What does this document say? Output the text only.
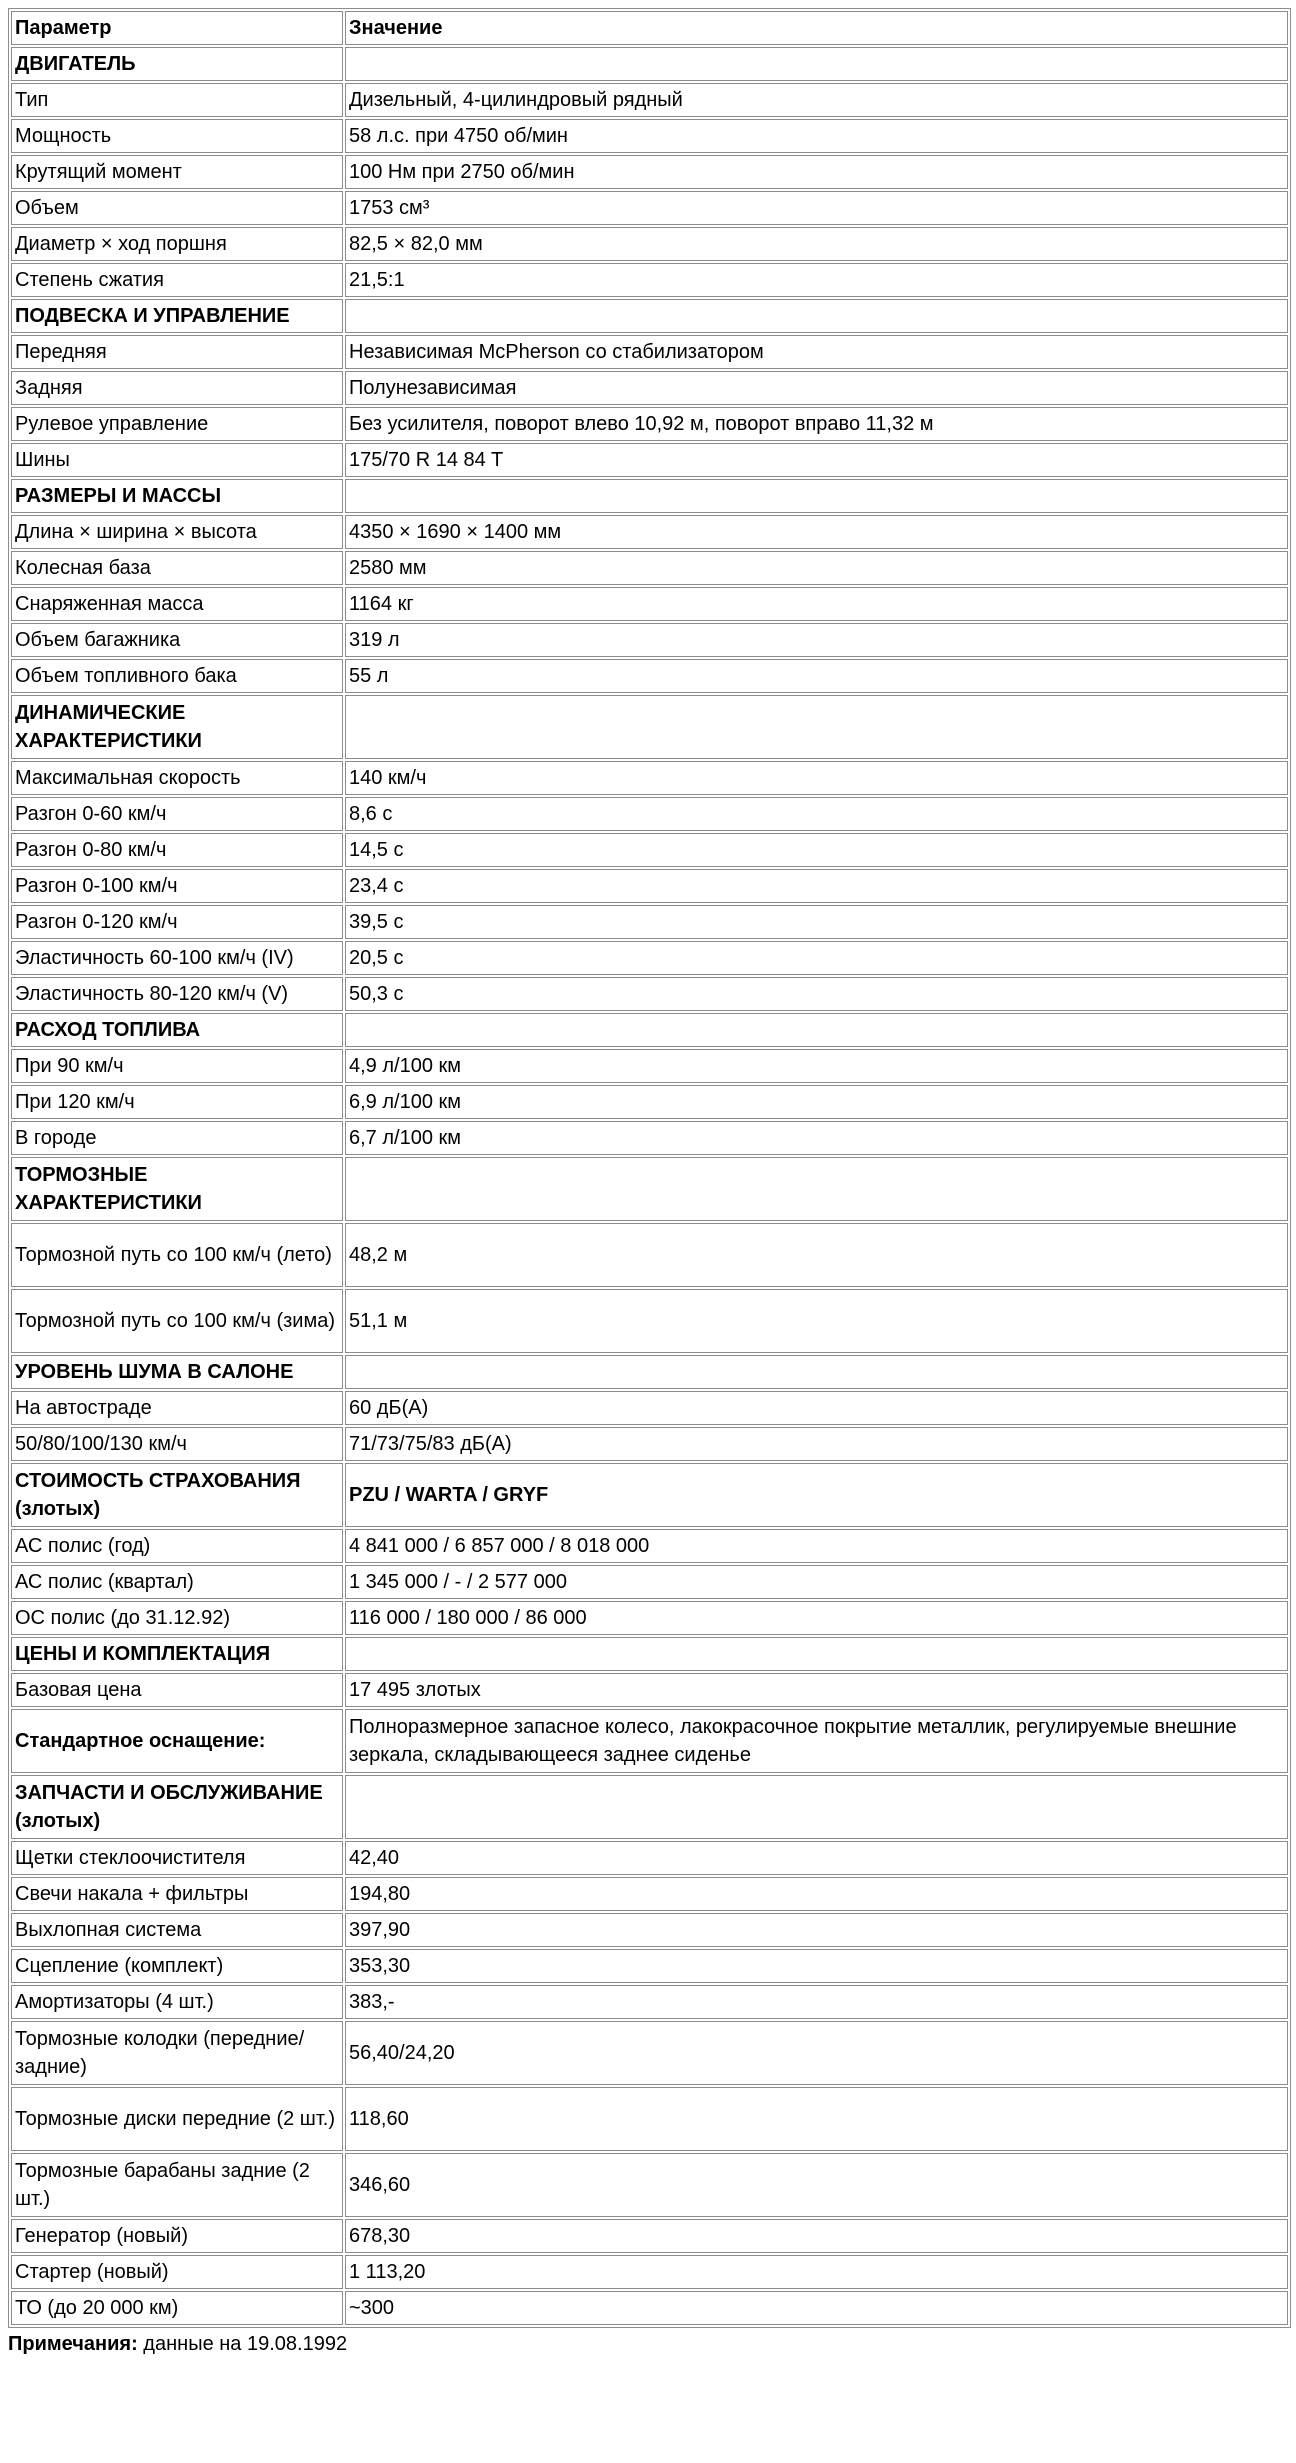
Параметр	Значение
ДВИГАТЕЛЬ	
Тип	Дизельный, 4-цилиндровый рядный
Мощность	58 л.с. при 4750 об/мин
Крутящий момент	100 Нм при 2750 об/мин
Объем	1753 см³
Диаметр × ход поршня	82,5 × 82,0 мм
Степень сжатия	21,5:1
ПОДВЕСКА И УПРАВЛЕНИЕ	
Передняя	Независимая McPherson со стабилизатором
Задняя	Полунезависимая
Рулевое управление	Без усилителя, поворот влево 10,92 м, поворот вправо 11,32 м
Шины	175/70 R 14 84 T
РАЗМЕРЫ И МАССЫ	
Длина × ширина × высота	4350 × 1690 × 1400 мм
Колесная база	2580 мм
Снаряженная масса	1164 кг
Объем багажника	319 л
Объем топливного бака	55 л
ДИНАМИЧЕСКИЕ ХАРАКТЕРИСТИКИ	
Максимальная скорость	140 км/ч
Разгон 0-60 км/ч	8,6 с
Разгон 0-80 км/ч	14,5 с
Разгон 0-100 км/ч	23,4 с
Разгон 0-120 км/ч	39,5 с
Эластичность 60-100 км/ч (IV)	20,5 с
Эластичность 80-120 км/ч (V)	50,3 с
РАСХОД ТОПЛИВА	
При 90 км/ч	4,9 л/100 км
При 120 км/ч	6,9 л/100 км
В городе	6,7 л/100 км
ТОРМОЗНЫЕ ХАРАКТЕРИСТИКИ	
Тормозной путь со 100 км/ч (лето)	48,2 м
Тормозной путь со 100 км/ч (зима)	51,1 м
УРОВЕНЬ ШУМА В САЛОНЕ	
На автостраде	60 дБ(А)
50/80/100/130 км/ч	71/73/75/83 дБ(А)
СТОИМОСТЬ СТРАХОВАНИЯ (злотых)	PZU / WARTA / GRYF
АС полис (год)	4 841 000 / 6 857 000 / 8 018 000
АС полис (квартал)	1 345 000 / - / 2 577 000
ОС полис (до 31.12.92)	116 000 / 180 000 / 86 000
ЦЕНЫ И КОМПЛЕКТАЦИЯ	
Базовая цена	17 495 злотых
Стандартное оснащение:	Полноразмерное запасное колесо, лакокрасочное покрытие металлик, регулируемые внешние зеркала, складывающееся заднее сиденье
ЗАПЧАСТИ И ОБСЛУЖИВАНИЕ (злотых)	
Щетки стеклоочистителя	42,40
Свечи накала + фильтры	194,80
Выхлопная система	397,90
Сцепление (комплект)	353,30
Амортизаторы (4 шт.)	383,-
Тормозные колодки (передние/задние)	56,40/24,20
Тормозные диски передние (2 шт.)	118,60
Тормозные барабаны задние (2 шт.)	346,60
Генератор (новый)	678,30
Стартер (новый)	1 113,20
ТО (до 20 000 км)	~300
Примечания: данные на 19.08.1992
